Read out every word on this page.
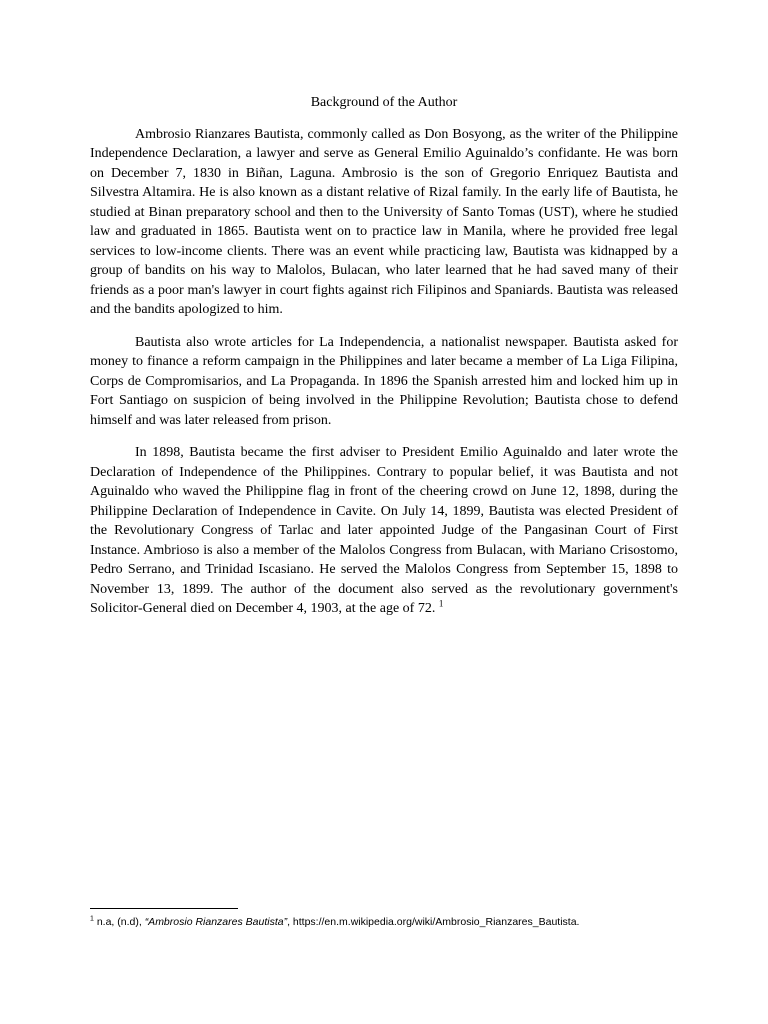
Background of the Author

Ambrosio Rianzares Bautista, commonly called as Don Bosyong, as the writer of the Philippine Independence Declaration, a lawyer and serve as General Emilio Aguinaldo’s confidante. He was born on December 7, 1830 in Biñan, Laguna. Ambrosio is the son of Gregorio Enriquez Bautista and Silvestra Altamira. He is also known as a distant relative of Rizal family. In the early life of Bautista, he studied at Binan preparatory school and then to the University of Santo Tomas (UST), where he studied law and graduated in 1865. Bautista went on to practice law in Manila, where he provided free legal services to low-income clients. There was an event while practicing law, Bautista was kidnapped by a group of bandits on his way to Malolos, Bulacan, who later learned that he had saved many of their friends as a poor man's lawyer in court fights against rich Filipinos and Spaniards. Bautista was released and the bandits apologized to him.

Bautista also wrote articles for La Independencia, a nationalist newspaper. Bautista asked for money to finance a reform campaign in the Philippines and later became a member of La Liga Filipina, Corps de Compromisarios, and La Propaganda. In 1896 the Spanish arrested him and locked him up in Fort Santiago on suspicion of being involved in the Philippine Revolution; Bautista chose to defend himself and was later released from prison.

In 1898, Bautista became the first adviser to President Emilio Aguinaldo and later wrote the Declaration of Independence of the Philippines. Contrary to popular belief, it was Bautista and not Aguinaldo who waved the Philippine flag in front of the cheering crowd on June 12, 1898, during the Philippine Declaration of Independence in Cavite. On July 14, 1899, Bautista was elected President of the Revolutionary Congress of Tarlac and later appointed Judge of the Pangasinan Court of First Instance. Ambrioso is also a member of the Malolos Congress from Bulacan, with Mariano Crisostomo, Pedro Serrano, and Trinidad Iscasiano. He served the Malolos Congress from September 15, 1898 to November 13, 1899. The author of the document also served as the revolutionary government's Solicitor-General died on December 4, 1903, at the age of 72. $^1$

$^1$ n.a, (n.d), “Ambrosio Rianzares Bautista”, https://en.m.wikipedia.org/wiki/Ambrosio_Rianzares_Bautista.
